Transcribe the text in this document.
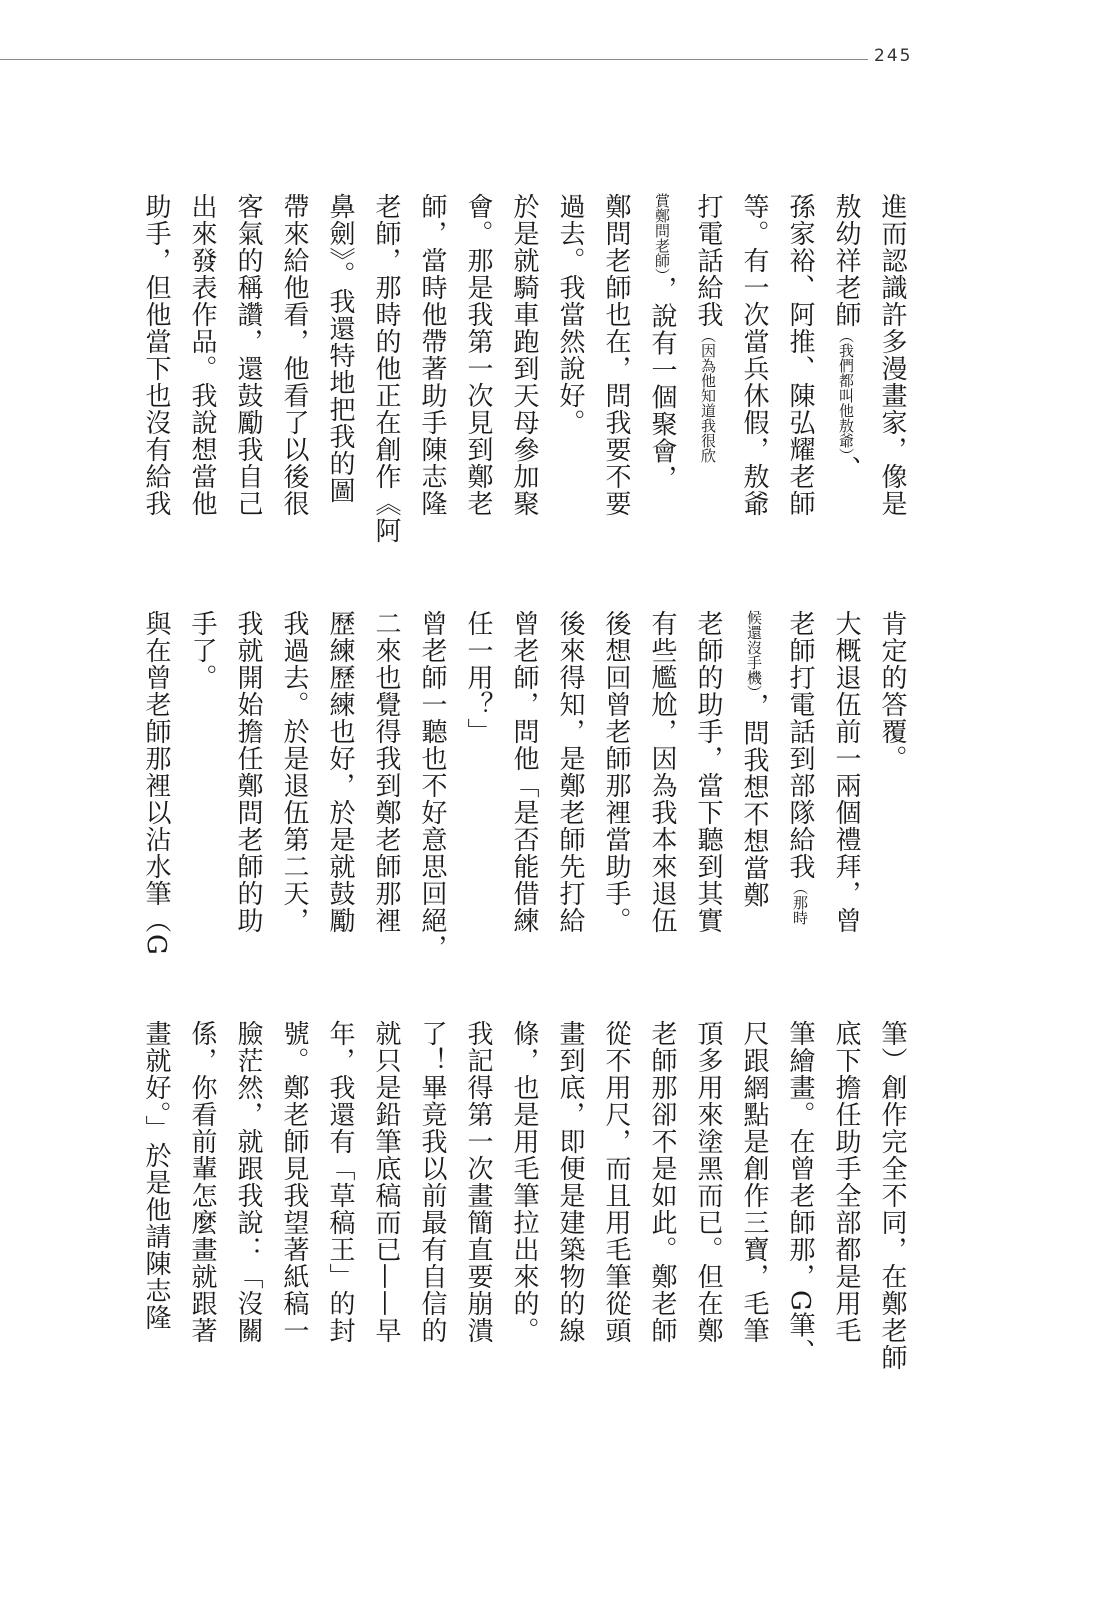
245
進而認識許多漫畫家，像是
敖幼祥老師（我們都叫他敖爺）、
孫家裕、阿推、陳弘耀老師
等。有一次當兵休假，敖爺
打電話給我（因為他知道我很欣
賞鄭問老師），說有一個聚會，
鄭問老師也在，問我要不要
過去。我當然說好。
於是就騎車跑到天母參加聚
會。那是我第一次見到鄭老
師，當時他帶著助手陳志隆
老師，那時的他正在創作《阿
鼻劍》。我還特地把我的圖
帶來給他看，他看了以後很
客氣的稱讚，還鼓勵我自己
出來發表作品。我說想當他
助手，但他當下也沒有給我
肯定的答覆。
大概退伍前一兩個禮拜，曾
老師打電話到部隊給我（那時
候還沒手機），問我想不想當鄭
老師的助手，當下聽到其實
有些尷尬，因為我本來退伍
後想回曾老師那裡當助手。
後來得知，是鄭老師先打給
曾老師，問他「是否能借練
任一用？」
曾老師一聽也不好意思回絕，
二來也覺得我到鄭老師那裡
歷練歷練也好，於是就鼓勵
我過去。於是退伍第二天，
我就開始擔任鄭問老師的助
手了。
與在曾老師那裡以沾水筆（G
筆）創作完全不同，在鄭老師
底下擔任助手全部都是用毛
筆繪畫。在曾老師那，G筆、
尺跟網點是創作三寶，毛筆
頂多用來塗黑而已。但在鄭
老師那卻不是如此。鄭老師
從不用尺，而且用毛筆從頭
畫到底，即便是建築物的線
條，也是用毛筆拉出來的。
我記得第一次畫簡直要崩潰
了！畢竟我以前最有自信的
就只是鉛筆底稿而已——早
年，我還有「草稿王」的封
號。鄭老師見我望著紙稿一
臉茫然，就跟我說：「沒關
係，你看前輩怎麼畫就跟著
畫就好。」於是他請陳志隆
